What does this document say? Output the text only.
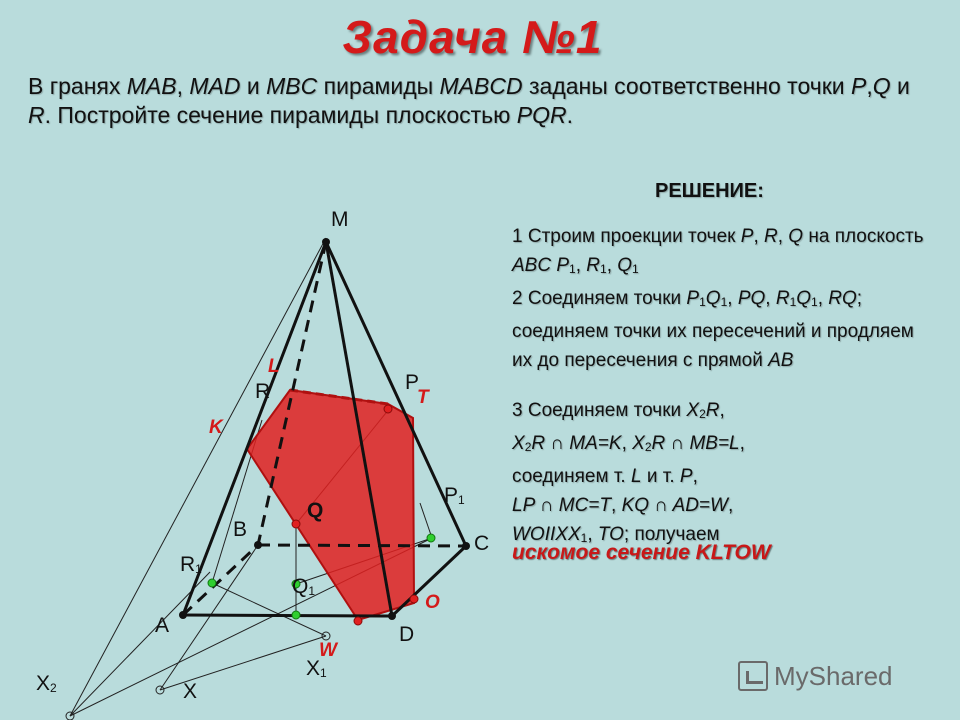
Задача №1
В гранях MAB, MAD и MBC пирамиды MABCD заданы соответственно точки P,Q и R. Постройте сечение пирамиды плоскостью PQR.
РЕШЕНИЕ:
1 Строим проекции точек P, R, Q на плоскость ABC $P_1$, $R_1$, $Q_1$
2 Соединяем точки $P_1Q_1$, PQ, $R_1Q_1$, RQ; соединяем точки их пересечений и продляем их до пересечения с прямой AB
3 Соединяем точки $X_2R$,
$X_2R$ ∩ MA=K, $X_2R$ ∩ MB=L,
соединяем т. L и т. P,
LP ∩ MC=T, KQ ∩ AD=W,
$WOIIXX_1$, TO; получаем
искомое сечение KLTOW
M
A
B
C
D
P
R
Q
P1
R1
Q1
X
X1
X2
K
L
T
O
W
MyShared
